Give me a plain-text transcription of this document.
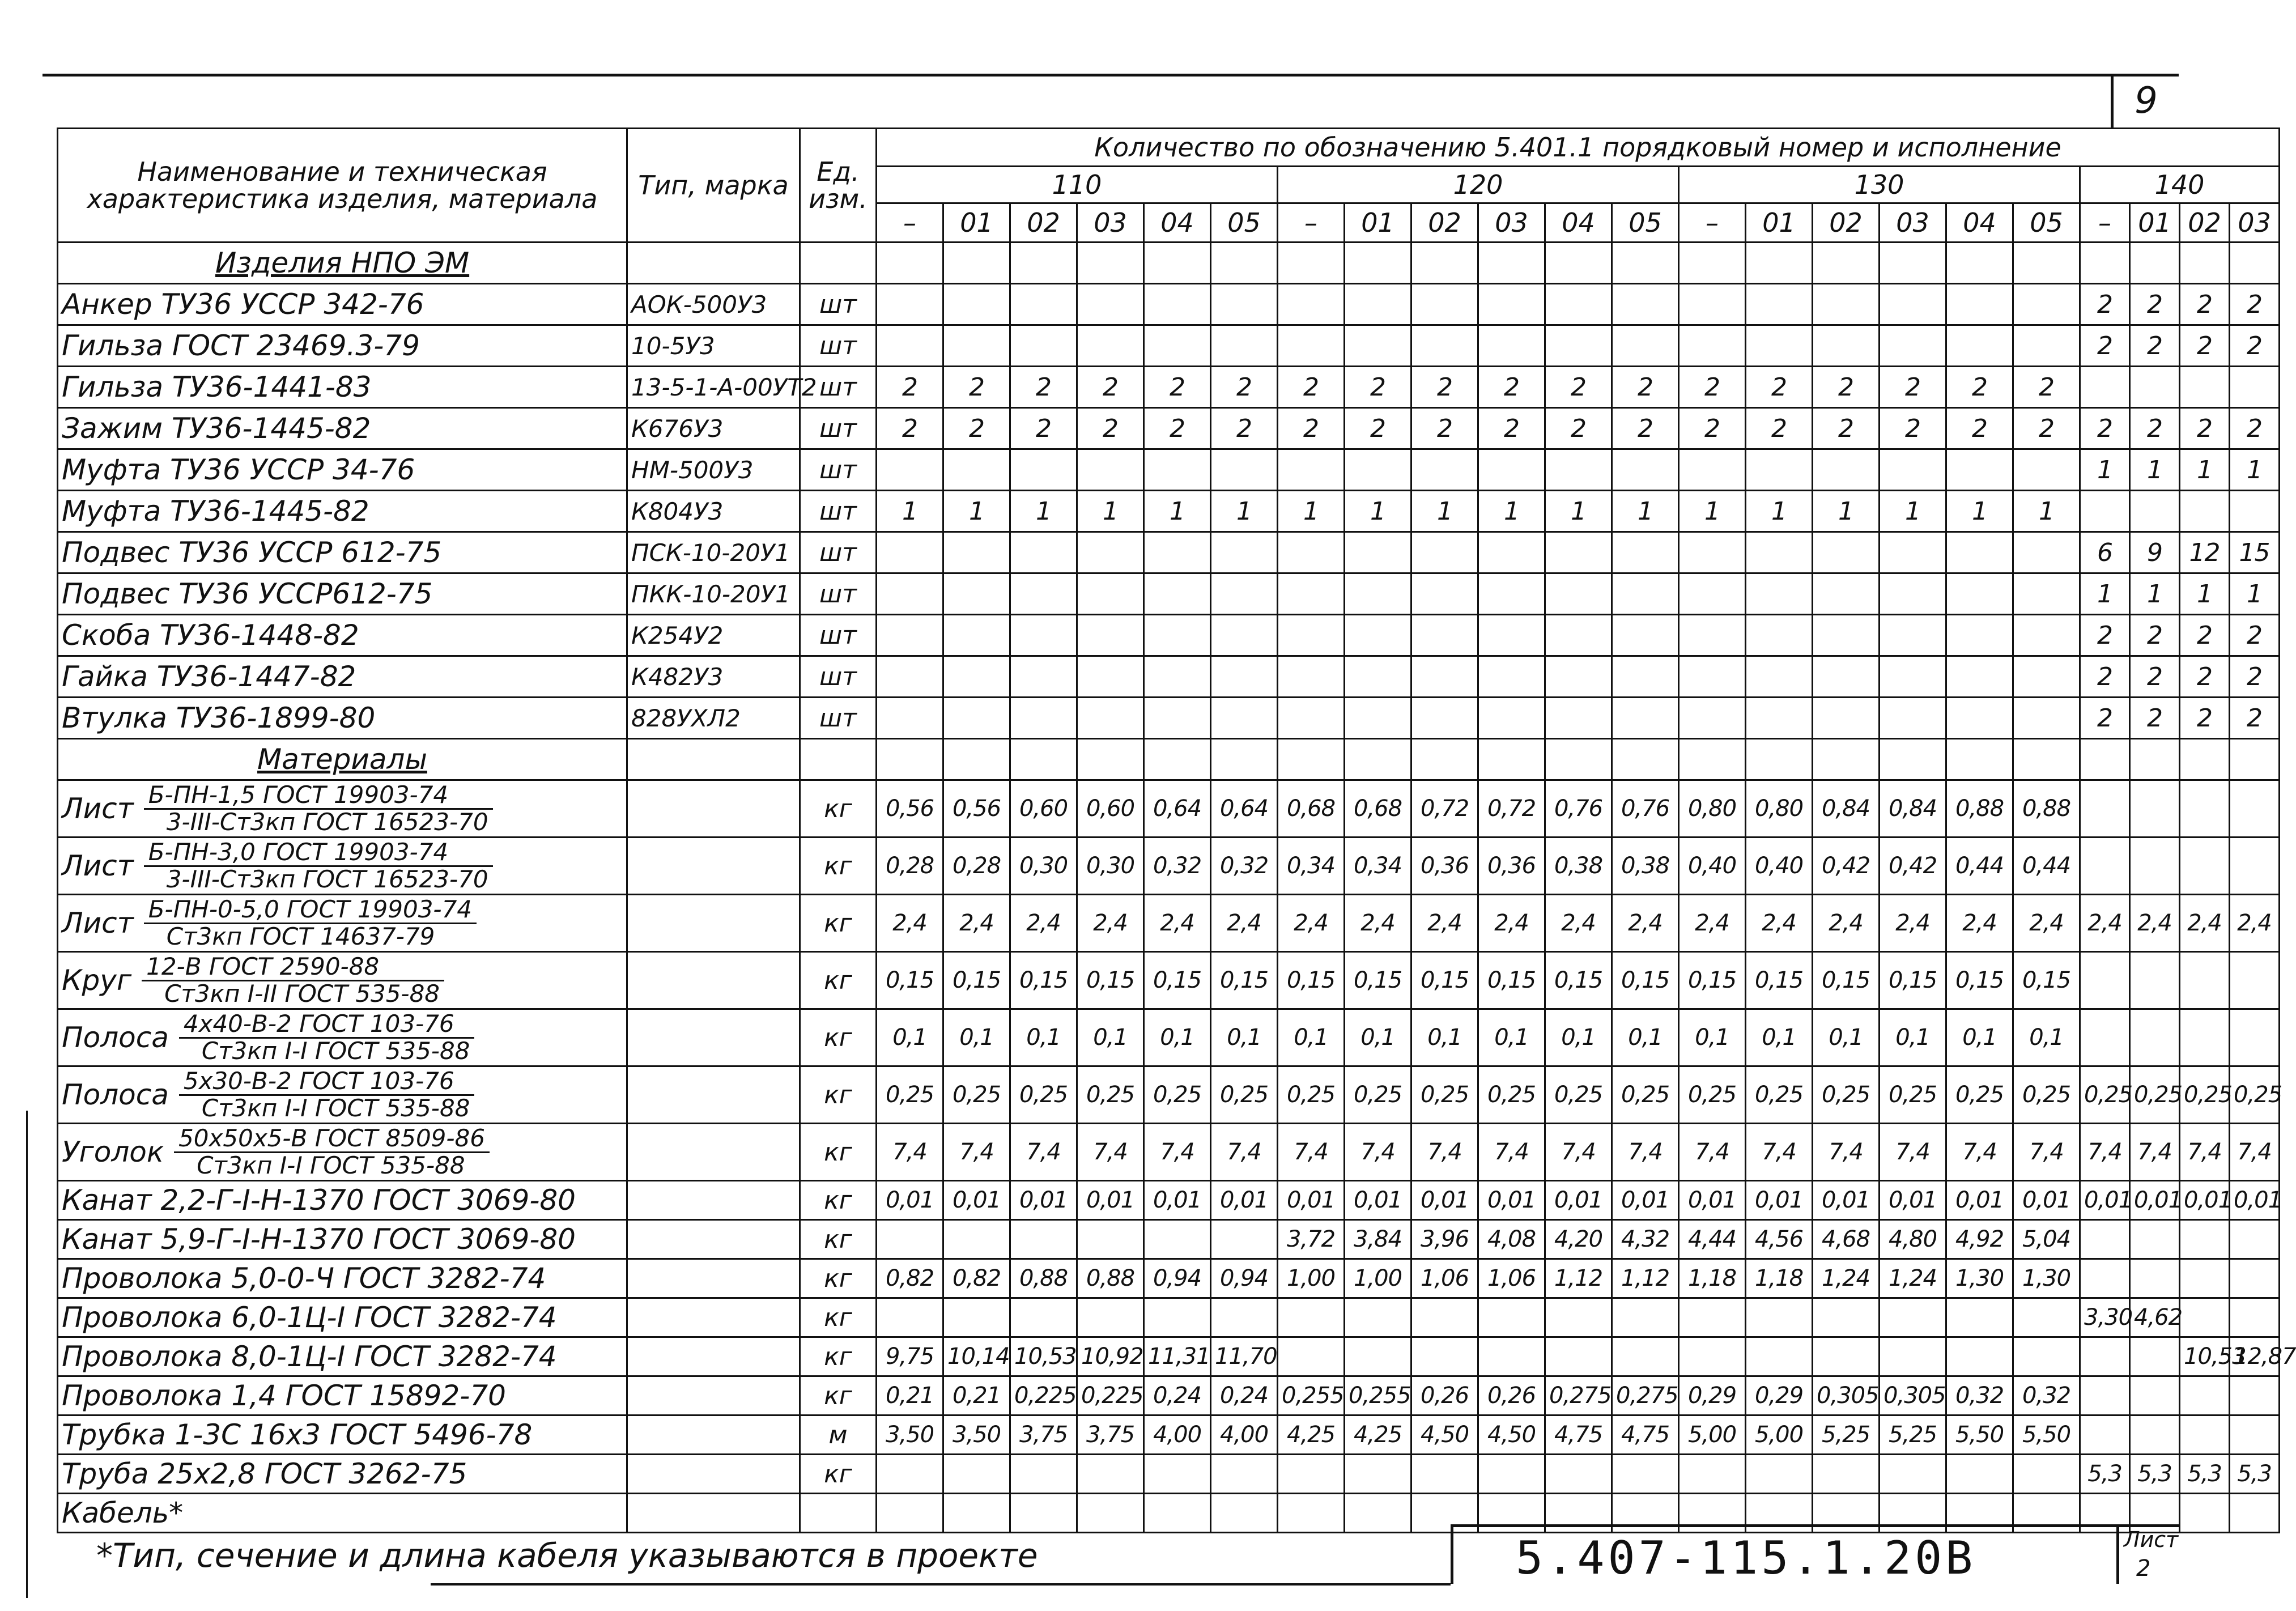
9
Наименование и техническая характеристика изделия, материала	Тип, марка	Ед. изм.	Количество по обозначению 5.401.1 порядковый номер и исполнение																					
			110						120						130						140			
			–	01	02	03	04	05	–	01	02	03	04	05	–	01	02	03	04	05	–	01	02	03
Изделия НПО ЭМ																								
Анкер ТУ36 УССР 342-76	АОК-500У3	шт																			2	2	2	2
Гильза ГОСТ 23469.3-79	10-5У3	шт																			2	2	2	2
Гильза ТУ36-1441-83	13-5-1-А-00УТ2	шт	2	2	2	2	2	2	2	2	2	2	2	2	2	2	2	2	2	2				
Зажим ТУ36-1445-82	К676У3	шт	2	2	2	2	2	2	2	2	2	2	2	2	2	2	2	2	2	2	2	2	2	2
Муфта ТУ36 УССР 34-76	НМ-500У3	шт																			1	1	1	1
Муфта ТУ36-1445-82	К804У3	шт	1	1	1	1	1	1	1	1	1	1	1	1	1	1	1	1	1	1				
Подвес ТУ36 УССР 612-75	ПСК-10-20У1	шт																			6	9	12	15
Подвес ТУ36 УССР612-75	ПКК-10-20У1	шт																			1	1	1	1
Скоба ТУ36-1448-82	К254У2	шт																			2	2	2	2
Гайка ТУ36-1447-82	К482У3	шт																			2	2	2	2
Втулка ТУ36-1899-80	828УХЛ2	шт																			2	2	2	2
Материалы																								

Лист Б-ПН-1,5 ГОСТ 19903-74
3-III-Ст3кп ГОСТ 16523-70		кг	0,56	0,56	0,60	0,60	0,64	0,64	0,68	0,68	0,72	0,72	0,76	0,76	0,80	0,80	0,84	0,84	0,88	0,88				

Лист Б-ПН-3,0 ГОСТ 19903-74
3-III-Ст3кп ГОСТ 16523-70		кг	0,28	0,28	0,30	0,30	0,32	0,32	0,34	0,34	0,36	0,36	0,38	0,38	0,40	0,40	0,42	0,42	0,44	0,44				

Лист Б-ПН-0-5,0 ГОСТ 19903-74
Ст3кп ГОСТ 14637-79		кг	2,4	2,4	2,4	2,4	2,4	2,4	2,4	2,4	2,4	2,4	2,4	2,4	2,4	2,4	2,4	2,4	2,4	2,4	2,4	2,4	2,4	2,4

Круг 12-В ГОСТ 2590-88
Ст3кп I-II ГОСТ 535-88		кг	0,15	0,15	0,15	0,15	0,15	0,15	0,15	0,15	0,15	0,15	0,15	0,15	0,15	0,15	0,15	0,15	0,15	0,15				

Полоса 4х40-В-2 ГОСТ 103-76
Ст3кп I-I ГОСТ 535-88		кг	0,1	0,1	0,1	0,1	0,1	0,1	0,1	0,1	0,1	0,1	0,1	0,1	0,1	0,1	0,1	0,1	0,1	0,1				

Полоса 5х30-В-2 ГОСТ 103-76
Ст3кп I-I ГОСТ 535-88		кг	0,25	0,25	0,25	0,25	0,25	0,25	0,25	0,25	0,25	0,25	0,25	0,25	0,25	0,25	0,25	0,25	0,25	0,25	0,25	0,25	0,25	0,25

Уголок 50х50х5-В ГОСТ 8509-86
Ст3кп I-I ГОСТ 535-88		кг	7,4	7,4	7,4	7,4	7,4	7,4	7,4	7,4	7,4	7,4	7,4	7,4	7,4	7,4	7,4	7,4	7,4	7,4	7,4	7,4	7,4	7,4
Канат 2,2-Г-I-Н-1370 ГОСТ 3069-80		кг	0,01	0,01	0,01	0,01	0,01	0,01	0,01	0,01	0,01	0,01	0,01	0,01	0,01	0,01	0,01	0,01	0,01	0,01	0,01	0,01	0,01	0,01
Канат 5,9-Г-I-Н-1370 ГОСТ 3069-80		кг							3,72	3,84	3,96	4,08	4,20	4,32	4,44	4,56	4,68	4,80	4,92	5,04				
Проволока 5,0-0-Ч ГОСТ 3282-74		кг	0,82	0,82	0,88	0,88	0,94	0,94	1,00	1,00	1,06	1,06	1,12	1,12	1,18	1,18	1,24	1,24	1,30	1,30				
Проволока 6,0-1Ц-I ГОСТ 3282-74		кг																			3,30	4,62		
Проволока 8,0-1Ц-I ГОСТ 3282-74		кг	9,75	10,14	10,53	10,92	11,31	11,70															10,53	12,87
Проволока 1,4 ГОСТ 15892-70		кг	0,21	0,21	0,225	0,225	0,24	0,24	0,255	0,255	0,26	0,26	0,275	0,275	0,29	0,29	0,305	0,305	0,32	0,32				
Трубка 1-3С 16х3 ГОСТ 5496-78		м	3,50	3,50	3,75	3,75	4,00	4,00	4,25	4,25	4,50	4,50	4,75	4,75	5,00	5,00	5,25	5,25	5,50	5,50				
Труба 25х2,8 ГОСТ 3262-75		кг																			5,3	5,3	5,3	5,3
Кабель*																								
*Тип, сечение и длина кабеля указываются в проекте	5.407-115.1.20В	Лист
2
